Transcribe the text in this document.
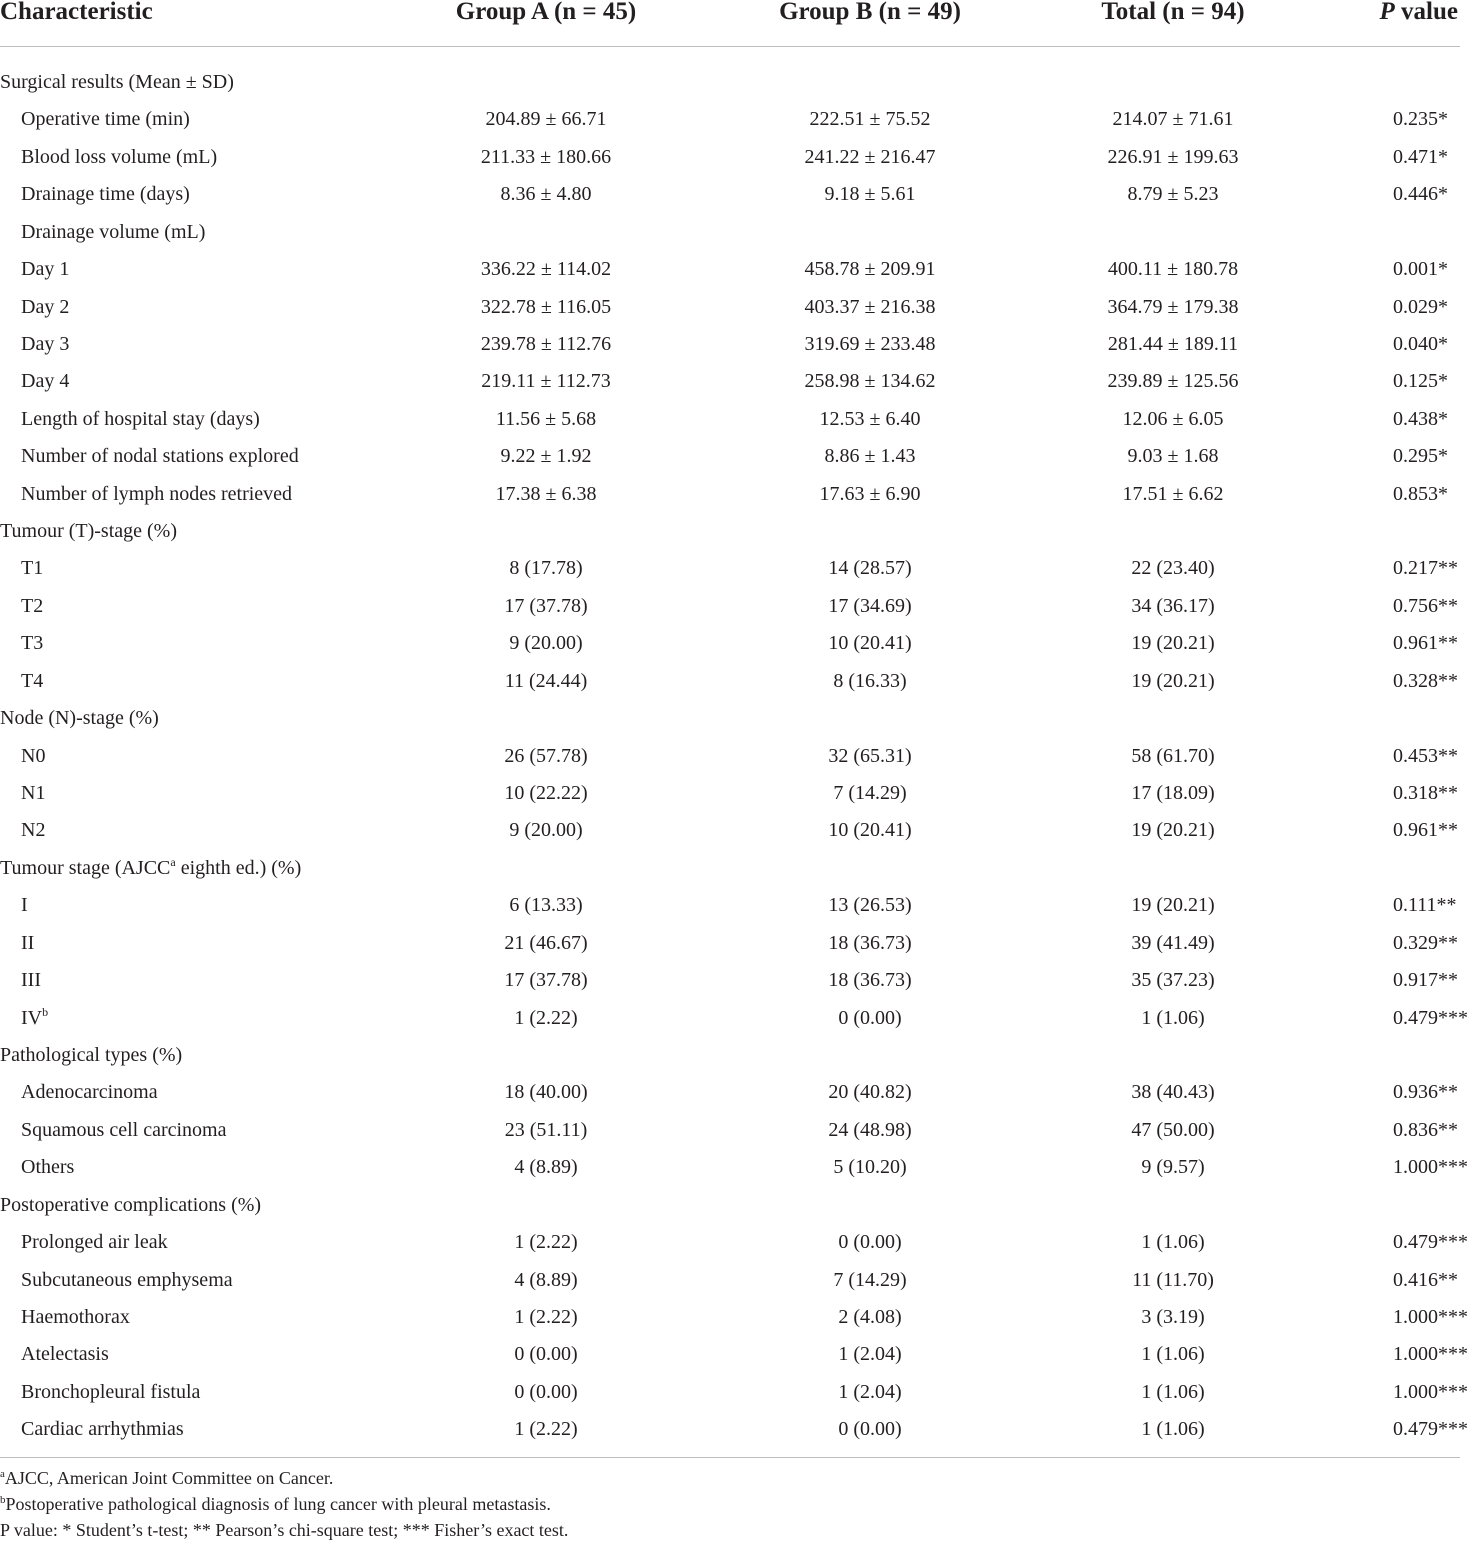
Characteristic	Group A (n = 45)	Group B (n = 49)	Total (n = 94)	P value
Surgical results (Mean ± SD)
Operative time (min)	204.89 ± 66.71	222.51 ± 75.52	214.07 ± 71.61	0.235*
Blood loss volume (mL)	211.33 ± 180.66	241.22 ± 216.47	226.91 ± 199.63	0.471*
Drainage time (days)	8.36 ± 4.80	9.18 ± 5.61	8.79 ± 5.23	0.446*
Drainage volume (mL)
Day 1	336.22 ± 114.02	458.78 ± 209.91	400.11 ± 180.78	0.001*
Day 2	322.78 ± 116.05	403.37 ± 216.38	364.79 ± 179.38	0.029*
Day 3	239.78 ± 112.76	319.69 ± 233.48	281.44 ± 189.11	0.040*
Day 4	219.11 ± 112.73	258.98 ± 134.62	239.89 ± 125.56	0.125*
Length of hospital stay (days)	11.56 ± 5.68	12.53 ± 6.40	12.06 ± 6.05	0.438*
Number of nodal stations explored	9.22 ± 1.92	8.86 ± 1.43	9.03 ± 1.68	0.295*
Number of lymph nodes retrieved	17.38 ± 6.38	17.63 ± 6.90	17.51 ± 6.62	0.853*
Tumour (T)-stage (%)
T1	8 (17.78)	14 (28.57)	22 (23.40)	0.217**
T2	17 (37.78)	17 (34.69)	34 (36.17)	0.756**
T3	9 (20.00)	10 (20.41)	19 (20.21)	0.961**
T4	11 (24.44)	8 (16.33)	19 (20.21)	0.328**
Node (N)-stage (%)
N0	26 (57.78)	32 (65.31)	58 (61.70)	0.453**
N1	10 (22.22)	7 (14.29)	17 (18.09)	0.318**
N2	9 (20.00)	10 (20.41)	19 (20.21)	0.961**
Tumour stage (AJCC$^a$ eighth ed.) (%)
I	6 (13.33)	13 (26.53)	19 (20.21)	0.111**
II	21 (46.67)	18 (36.73)	39 (41.49)	0.329**
III	17 (37.78)	18 (36.73)	35 (37.23)	0.917**
$IV^b$	1 (2.22)	0 (0.00)	1 (1.06)	0.479***
Pathological types (%)
Adenocarcinoma	18 (40.00)	20 (40.82)	38 (40.43)	0.936**
Squamous cell carcinoma	23 (51.11)	24 (48.98)	47 (50.00)	0.836**
Others	4 (8.89)	5 (10.20)	9 (9.57)	1.000***
Postoperative complications (%)
Prolonged air leak	1 (2.22)	0 (0.00)	1 (1.06)	0.479***
Subcutaneous emphysema	4 (8.89)	7 (14.29)	11 (11.70)	0.416**
Haemothorax	1 (2.22)	2 (4.08)	3 (3.19)	1.000***
Atelectasis	0 (0.00)	1 (2.04)	1 (1.06)	1.000***
Bronchopleural fistula	0 (0.00)	1 (2.04)	1 (1.06)	1.000***
Cardiac arrhythmias	1 (2.22)	0 (0.00)	1 (1.06)	0.479***
$^a$AJCC, American Joint Committee on Cancer.
$^b$Postoperative pathological diagnosis of lung cancer with pleural metastasis.
P value: * Student’s t-test; ** Pearson’s chi-square test; *** Fisher’s exact test.
